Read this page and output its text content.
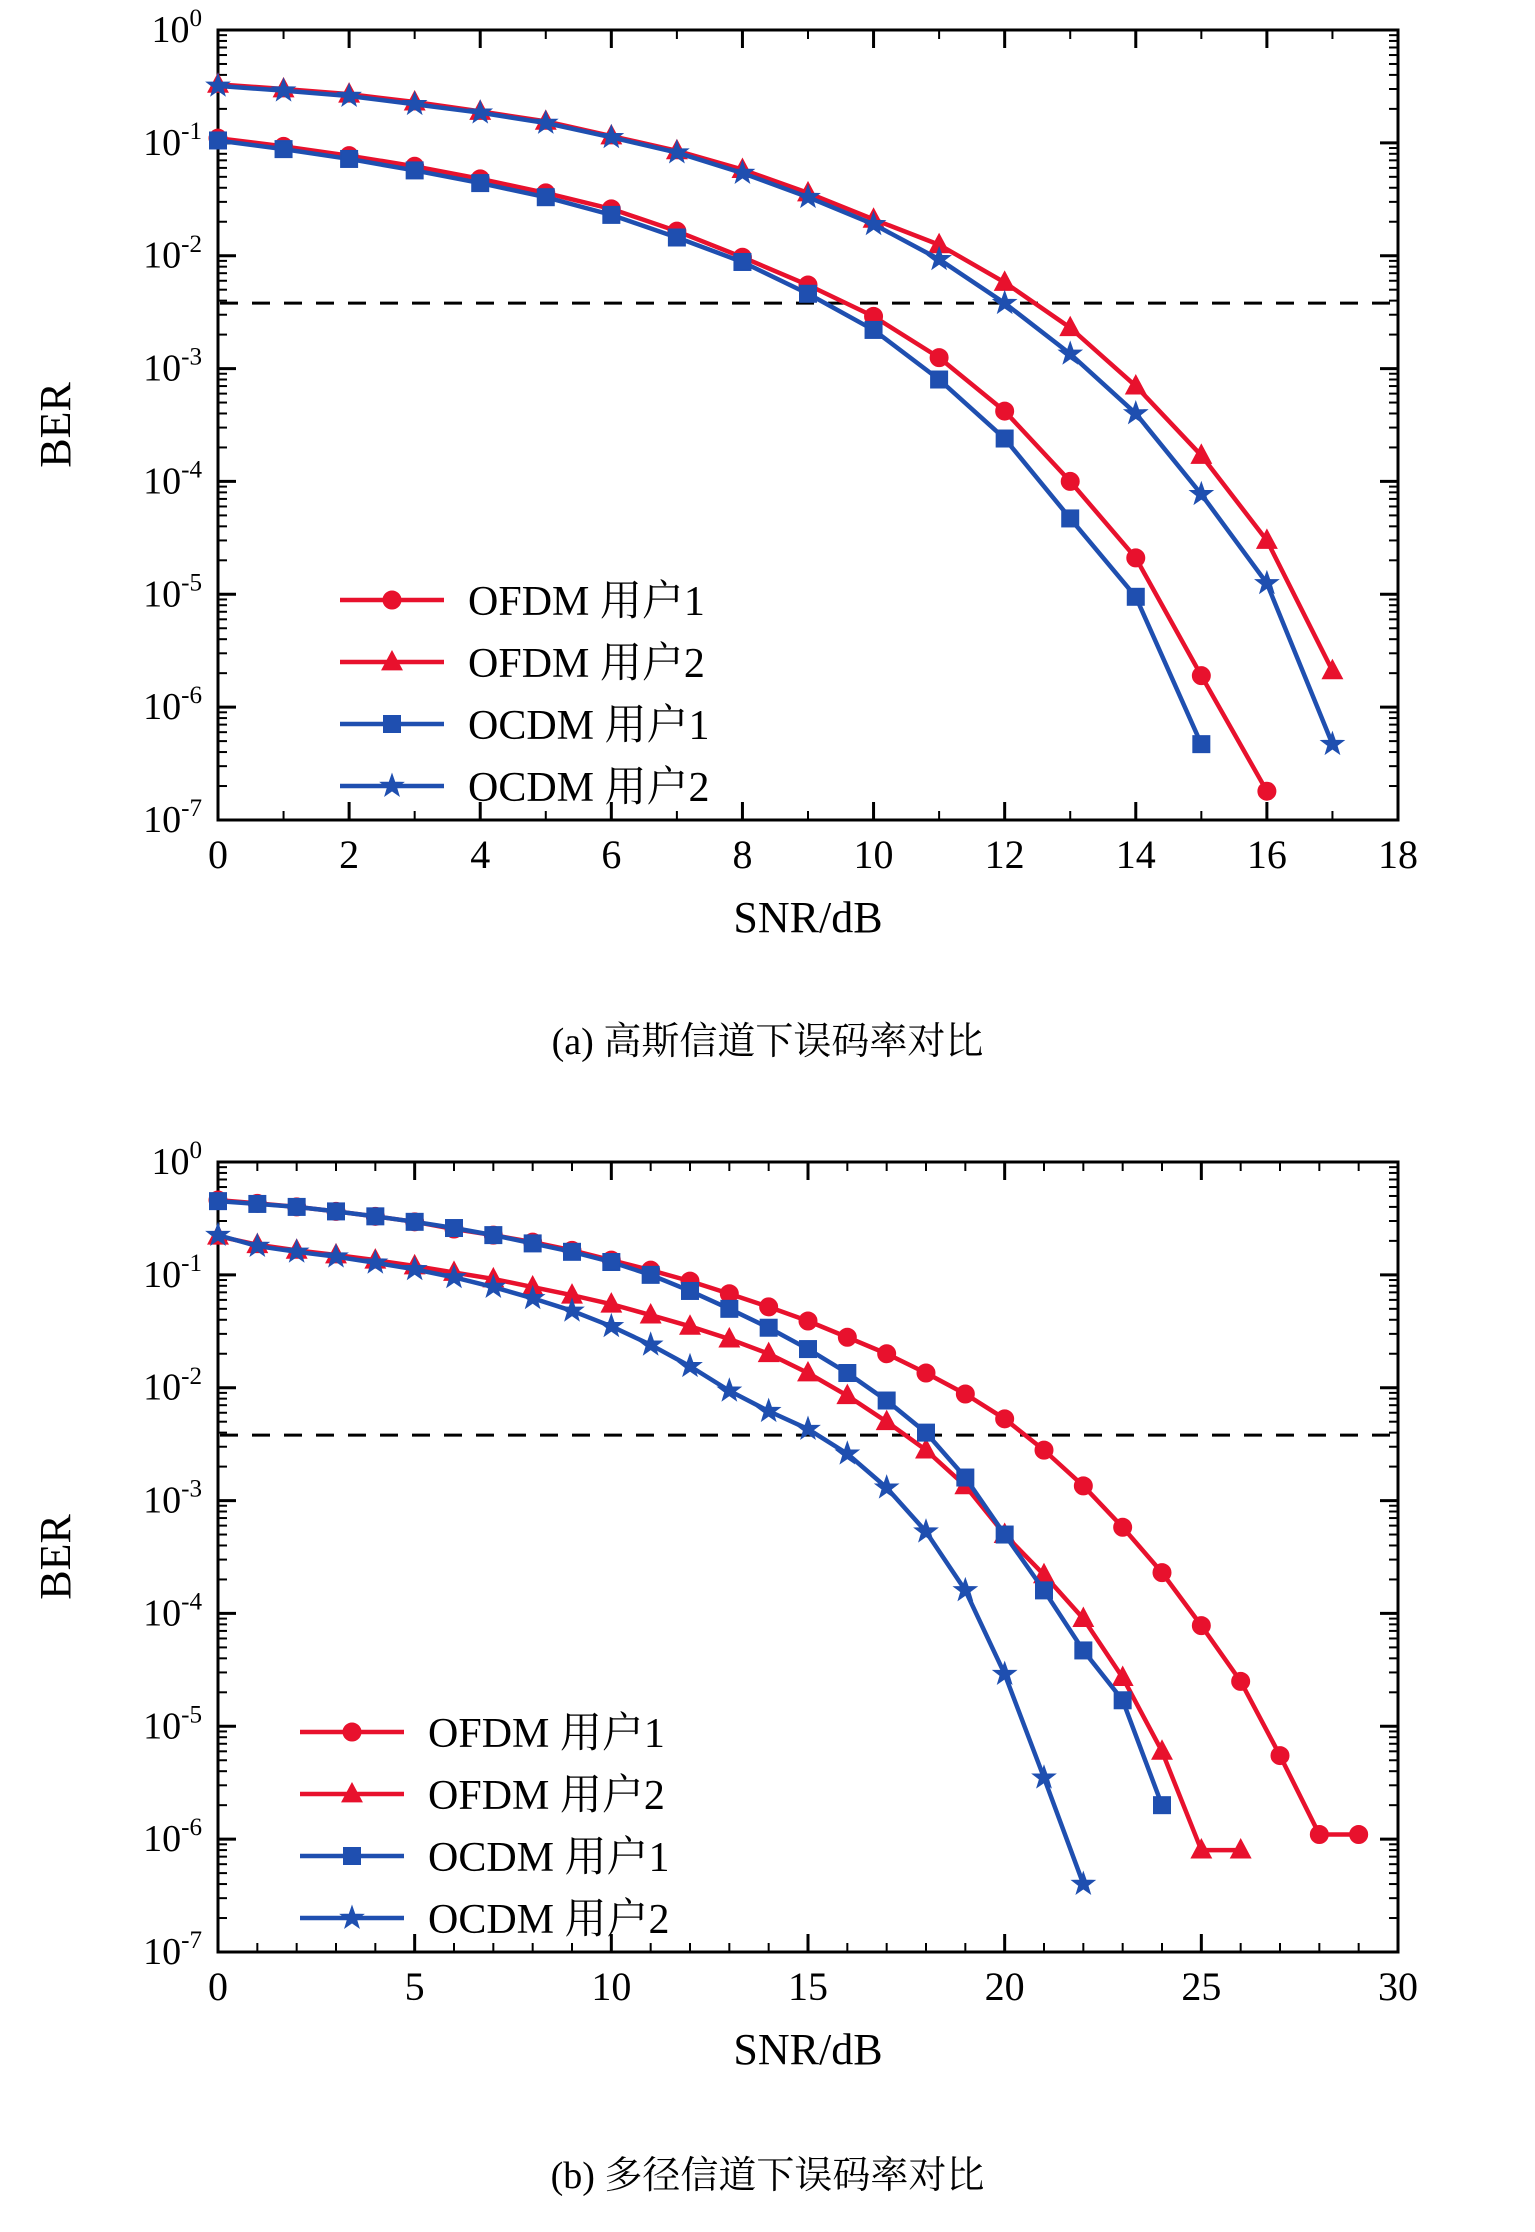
$10^0$
$10^{-1}$
$10^{-2}$
$10^{-3}$
$10^{-4}$
$10^{-5}$
$10^{-6}$
$10^{-7}$
0	2	4	6	8	10 12 14 16 18
SNR/dB
BER
OFDM 用户1
OFDM 用户2
OCDM 用户1
OCDM 用户2
(a) 高斯信道下误码率对比
$10^0$
$10^{-1}$
$10^{-2}$
$10^{-3}$
$10^{-4}$
$10^{-5}$
$10^{-6}$
$10^{-7}$
0	5	10	15	20	25	30
SNR/dB
BER
OFDM 用户1
OFDM 用户2
OCDM 用户1
OCDM 用户2
(b) 多径信道下误码率对比
